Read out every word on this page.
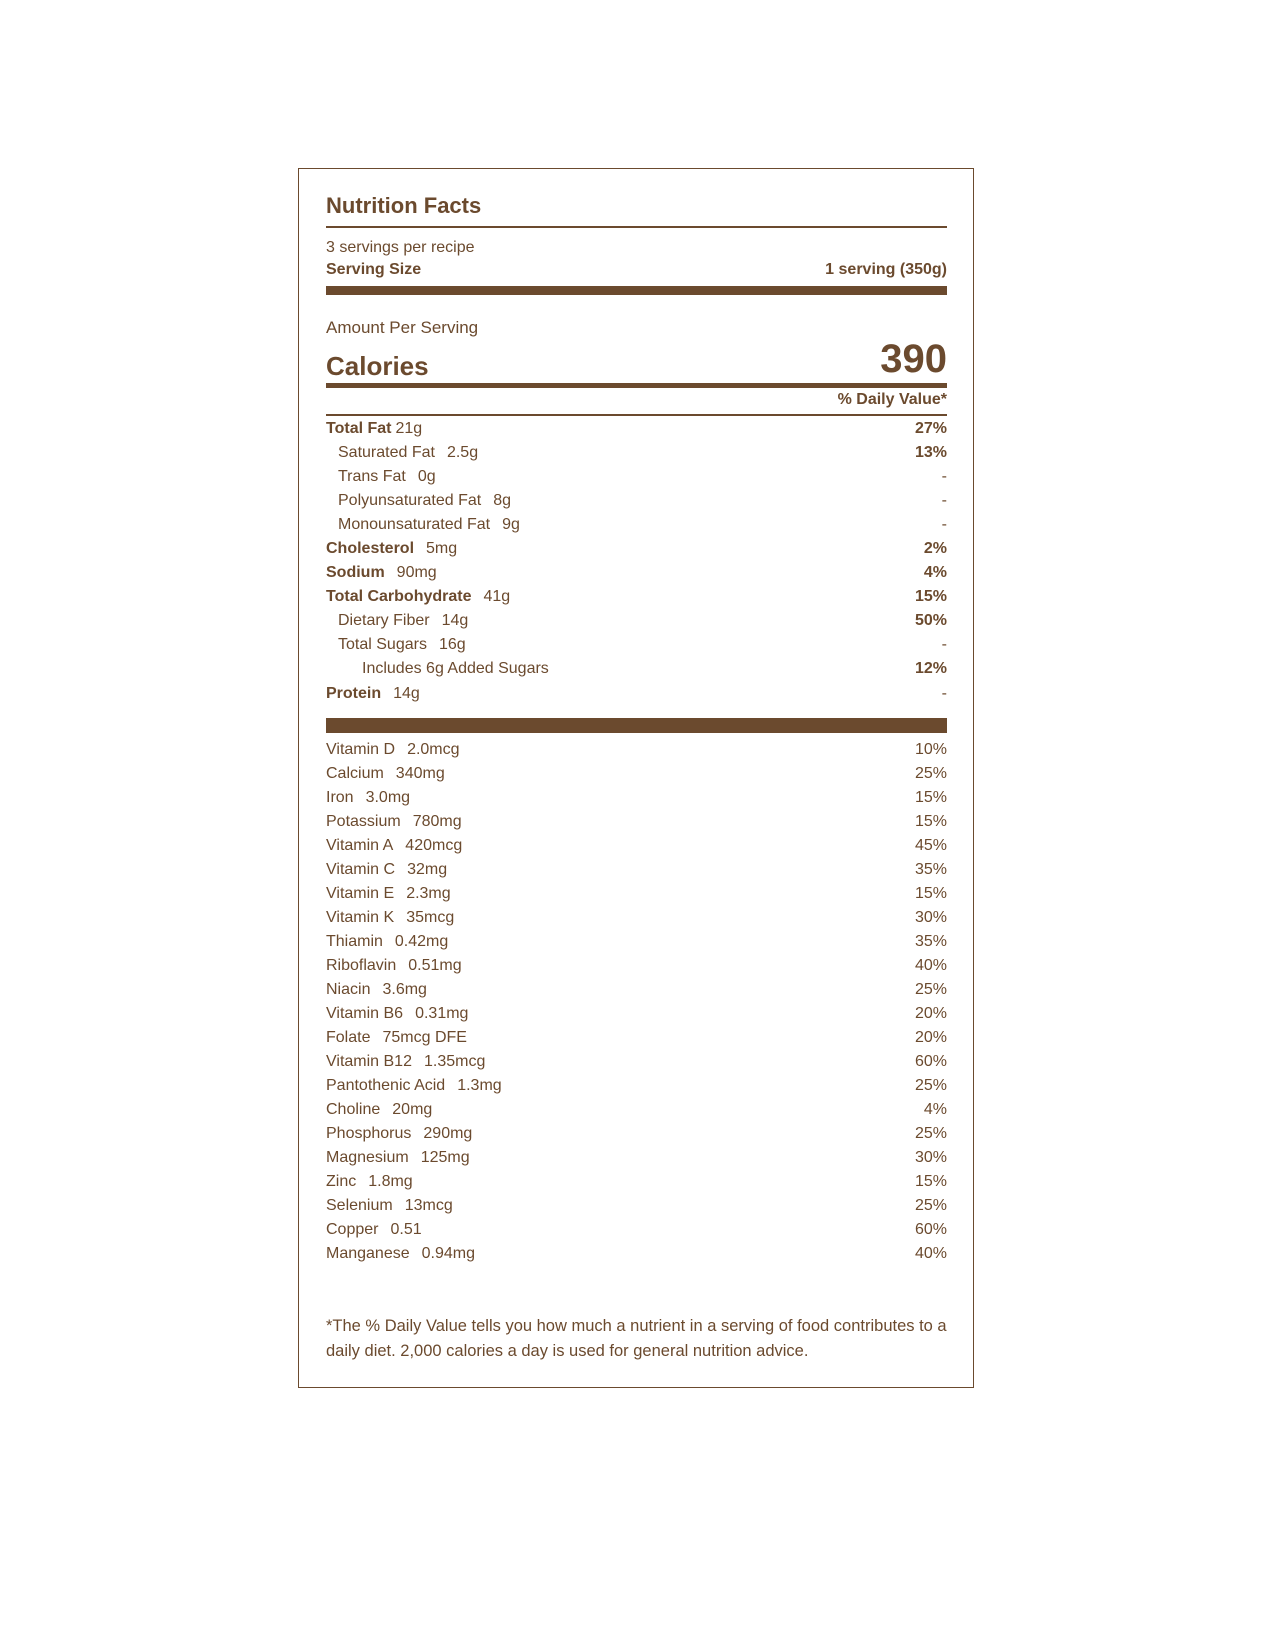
Nutrition Facts
3 servings per recipe
Serving Size	1 serving (350g)
Amount Per Serving
Calories	390
% Daily Value*
Total Fat 21g	27%
Saturated Fat 2.5g	13%
Trans Fat 0g	-
Polyunsaturated Fat 8g	-
Monounsaturated Fat 9g	-
Cholesterol 5mg	2%
Sodium 90mg	4%
Total Carbohydrate 41g	15%
Dietary Fiber 14g	50%
Total Sugars 16g	-
Includes 6g Added Sugars	12%
Protein 14g	-
Vitamin D 2.0mcg	10%
Calcium 340mg	25%
Iron 3.0mg	15%
Potassium 780mg	15%
Vitamin A 420mcg	45%
Vitamin C 32mg	35%
Vitamin E 2.3mg	15%
Vitamin K 35mcg	30%
Thiamin 0.42mg	35%
Riboflavin 0.51mg	40%
Niacin 3.6mg	25%
Vitamin B6 0.31mg	20%
Folate 75mcg DFE	20%
Vitamin B12 1.35mcg	60%
Pantothenic Acid 1.3mg	25%
Choline 20mg	4%
Phosphorus 290mg	25%
Magnesium 125mg	30%
Zinc 1.8mg	15%
Selenium 13mcg	25%
Copper 0.51	60%
Manganese 0.94mg	40%
*The % Daily Value tells you how much a nutrient in a serving of food contributes to a daily diet. 2,000 calories a day is used for general nutrition advice.
